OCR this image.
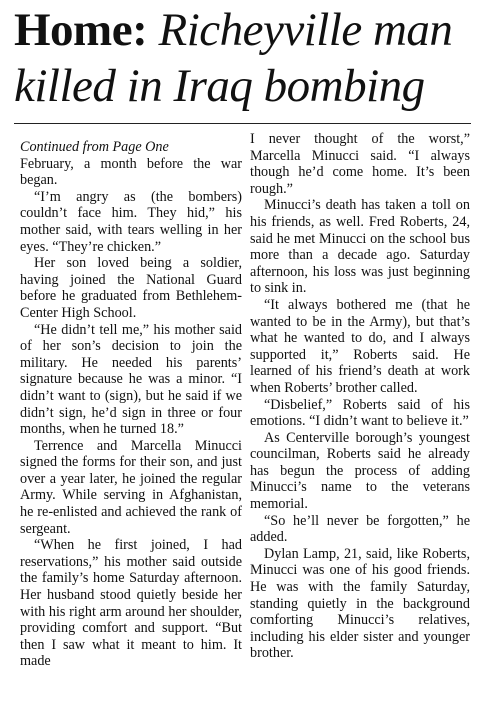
Home: Richeyville man killed in Iraq bombing

Continued from Page One

February, a month before the war began.

“I’m angry as (the bombers) couldn’t face him. They hid,” his mother said, with tears welling in her eyes. “They’re chicken.”

Her son loved being a soldier, having joined the National Guard before he graduated from Bethlehem-Center High School.

“He didn’t tell me,” his mother said of her son’s decision to join the military. He needed his parents’ signature because he was a minor. “I didn’t want to (sign), but he said if we didn’t sign, he’d sign in three or four months, when he turned 18.”

Terrence and Marcella Minucci signed the forms for their son, and just over a year later, he joined the regular Army. While serving in Afghanistan, he re-enlisted and achieved the rank of sergeant.

“When he first joined, I had reservations,” his mother said outside the family’s home Saturday afternoon. Her husband stood quietly beside her with his right arm around her shoulder, providing comfort and support. “But then I saw what it meant to him. It made

I never thought of the worst,” Marcella Minucci said. “I always though he’d come home. It’s been rough.”

Minucci’s death has taken a toll on his friends, as well. Fred Roberts, 24, said he met Minucci on the school bus more than a decade ago. Saturday afternoon, his loss was just beginning to sink in.

“It always bothered me (that he wanted to be in the Army), but that’s what he wanted to do, and I always supported it,” Roberts said. He learned of his friend’s death at work when Roberts’ brother called.

“Disbelief,” Roberts said of his emotions. “I didn’t want to believe it.”

As Centerville borough’s youngest councilman, Roberts said he already has begun the process of adding Minucci’s name to the veterans memorial.

“So he’ll never be forgotten,” he added.

Dylan Lamp, 21, said, like Roberts, Minucci was one of his good friends. He was with the family Saturday, standing quietly in the background comforting Minucci’s relatives, including his elder sister and younger brother.
